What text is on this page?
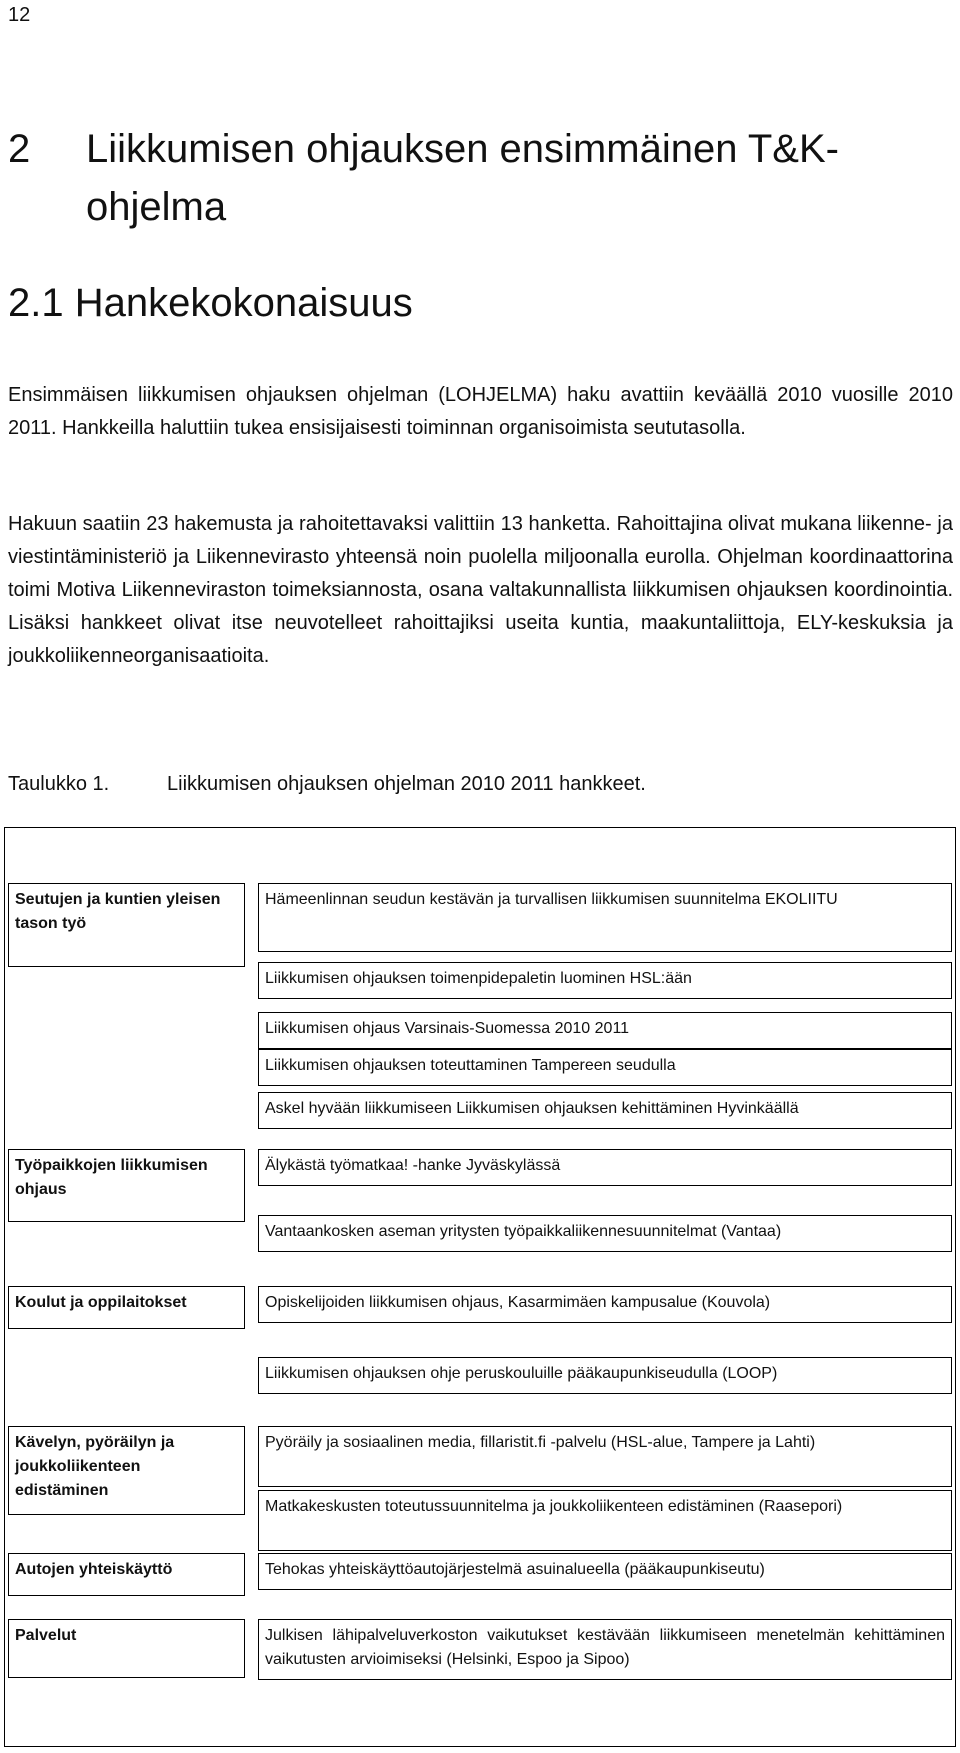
12
2	Liikkumisen ohjauksen ensimmäinen T&K-ohjelma
2.1 Hankekokonaisuus

Ensimmäisen liikkumisen ohjauksen ohjelman (LOHJELMA) haku avattiin keväällä 2010 vuosille 2010 2011. Hankkeilla haluttiin tukea ensisijaisesti toiminnan organisoimista seututasolla.

Hakuun saatiin 23 hakemusta ja rahoitettavaksi valittiin 13 hanketta. Rahoittajina olivat mukana liikenne- ja viestintäministeriö ja Liikennevirasto yhteensä noin puolella miljoonalla eurolla. Ohjelman koordinaattorina toimi Motiva Liikenneviraston toimeksiannosta, osana valtakunnallista liikkumisen ohjauksen koordinointia. Lisäksi hankkeet olivat itse neuvotelleet rahoittajiksi useita kuntia, maakuntaliittoja, ELY-keskuksia ja joukkoliikenneorganisaatioita.

Taulukko 1.	Liikkumisen ohjauksen ohjelman 2010 2011 hankkeet.
Seutujen ja kuntien yleisen tason työ
Työpaikkojen liikkumisen ohjaus
Koulut ja oppilaitokset
Kävelyn, pyöräilyn ja joukkoliikenteen edistäminen
Autojen yhteiskäyttö
Palvelut
Hämeenlinnan seudun kestävän ja turvallisen liikkumisen suunnitelma EKOLIITU
Liikkumisen ohjauksen toimenpidepaletin luominen HSL:ään
Liikkumisen ohjaus Varsinais-Suomessa 2010 2011
Liikkumisen ohjauksen toteuttaminen Tampereen seudulla
Askel hyvään liikkumiseen Liikkumisen ohjauksen kehittäminen Hyvinkäällä
Älykästä työmatkaa! -hanke Jyväskylässä
Vantaankosken aseman yritysten työpaikkaliikennesuunnitelmat (Vantaa)
Opiskelijoiden liikkumisen ohjaus, Kasarmimäen kampusalue (Kouvola)
Liikkumisen ohjauksen ohje peruskouluille pääkaupunkiseudulla (LOOP)
Pyöräily ja sosiaalinen media, fillaristit.fi -palvelu (HSL-alue, Tampere ja Lahti)
Matkakeskusten toteutussuunnitelma ja joukkoliikenteen edistäminen (Raasepori)
Tehokas yhteiskäyttöautojärjestelmä asuinalueella (pääkaupunkiseutu)
Julkisen lähipalveluverkoston vaikutukset kestävään liikkumiseen menetelmän kehittäminen vaikutusten arvioimiseksi (Helsinki, Espoo ja Sipoo)
